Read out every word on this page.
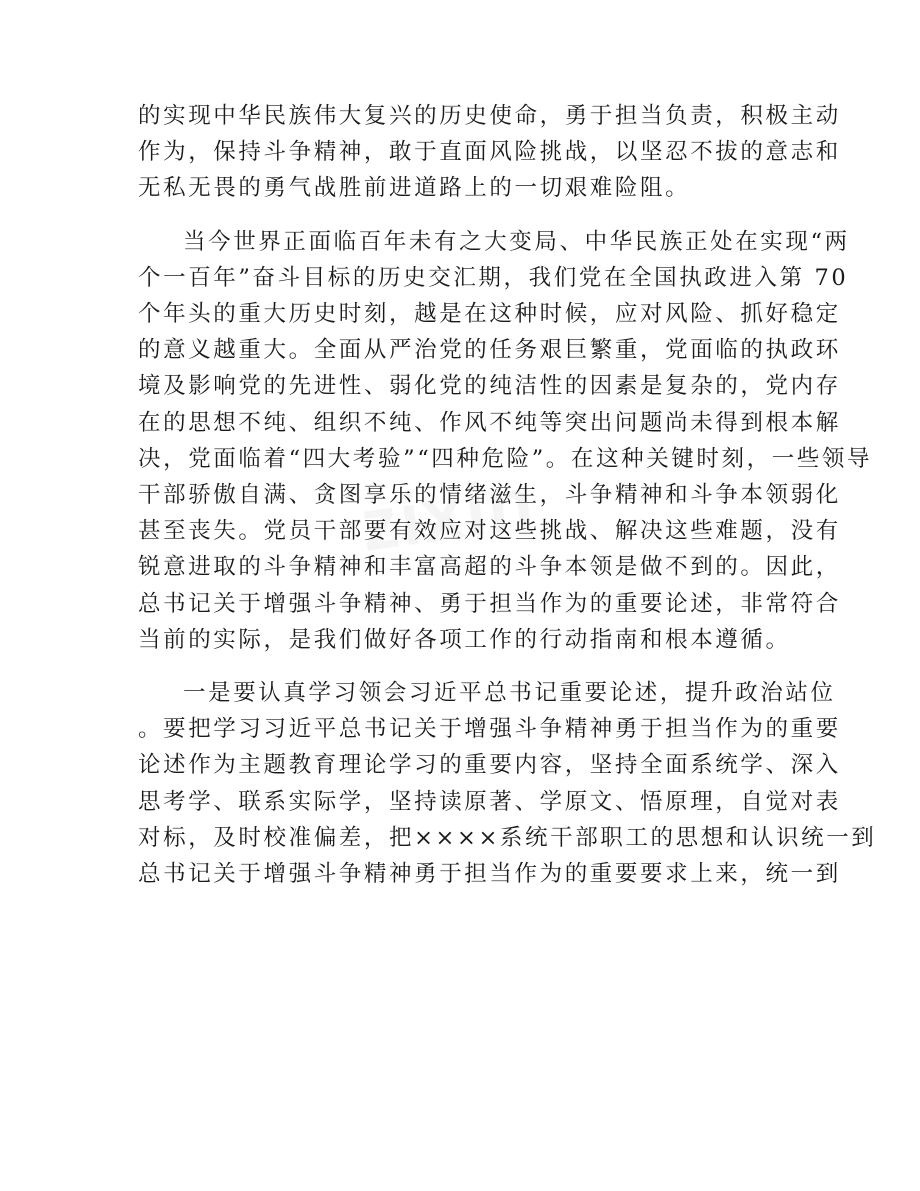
zixin
的实现中华民族伟大复兴的历史使命，勇于担当负责，积极主动
作为，保持斗争精神，敢于直面风险挑战，以坚忍不拔的意志和
无私无畏的勇气战胜前进道路上的一切艰难险阻。
当今世界正面临百年未有之大变局、中华民族正处在实现“两
个一百年”奋斗目标的历史交汇期，我们党在全国执政进入第 70
个年头的重大历史时刻，越是在这种时候，应对风险、抓好稳定
的意义越重大。全面从严治党的任务艰巨繁重，党面临的执政环
境及影响党的先进性、弱化党的纯洁性的因素是复杂的，党内存
在的思想不纯、组织不纯、作风不纯等突出问题尚未得到根本解
决，党面临着“四大考验”“四种危险”。在这种关键时刻，一些领导
干部骄傲自满、贪图享乐的情绪滋生，斗争精神和斗争本领弱化
甚至丧失。党员干部要有效应对这些挑战、解决这些难题，没有
锐意进取的斗争精神和丰富高超的斗争本领是做不到的。因此，
总书记关于增强斗争精神、勇于担当作为的重要论述，非常符合
当前的实际，是我们做好各项工作的行动指南和根本遵循。
一是要认真学习领会习近平总书记重要论述，提升政治站位
。要把学习习近平总书记关于增强斗争精神勇于担当作为的重要
论述作为主题教育理论学习的重要内容，坚持全面系统学、深入
思考学、联系实际学，坚持读原著、学原文、悟原理，自觉对表
对标，及时校准偏差，把××××系统干部职工的思想和认识统一到
总书记关于增强斗争精神勇于担当作为的重要要求上来，统一到
